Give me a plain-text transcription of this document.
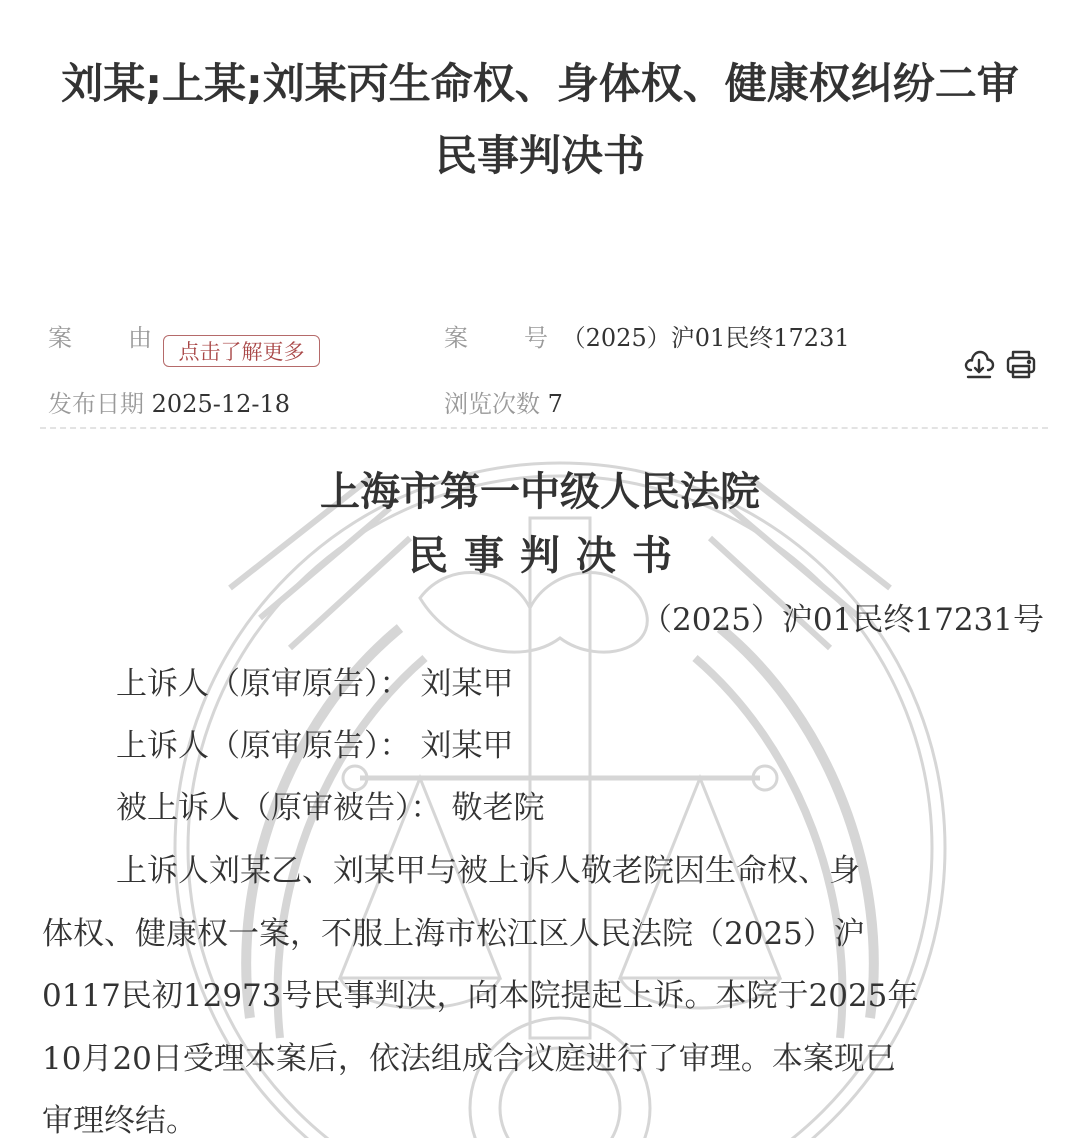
刘某;上某;刘某丙生命权、身体权、健康权纠纷二审
民事判决书
案　由	点击了解更多	案　号 （2025）沪01民终17231
发布日期 2025-12-18	浏览次数 7
上海市第一中级人民法院
民事判决书
（2025）沪01民终17231号
上诉人（原审原告）： 刘某甲
上诉人（原审原告）： 刘某甲
被上诉人（原审被告）： 敬老院
上诉人刘某乙、刘某甲与被上诉人敬老院因生命权、身
体权、健康权一案，不服上海市松江区人民法院（2025）沪
0117民初12973号民事判决，向本院提起上诉。本院于2025年
10月20日受理本案后，依法组成合议庭进行了审理。本案现已
审理终结。
